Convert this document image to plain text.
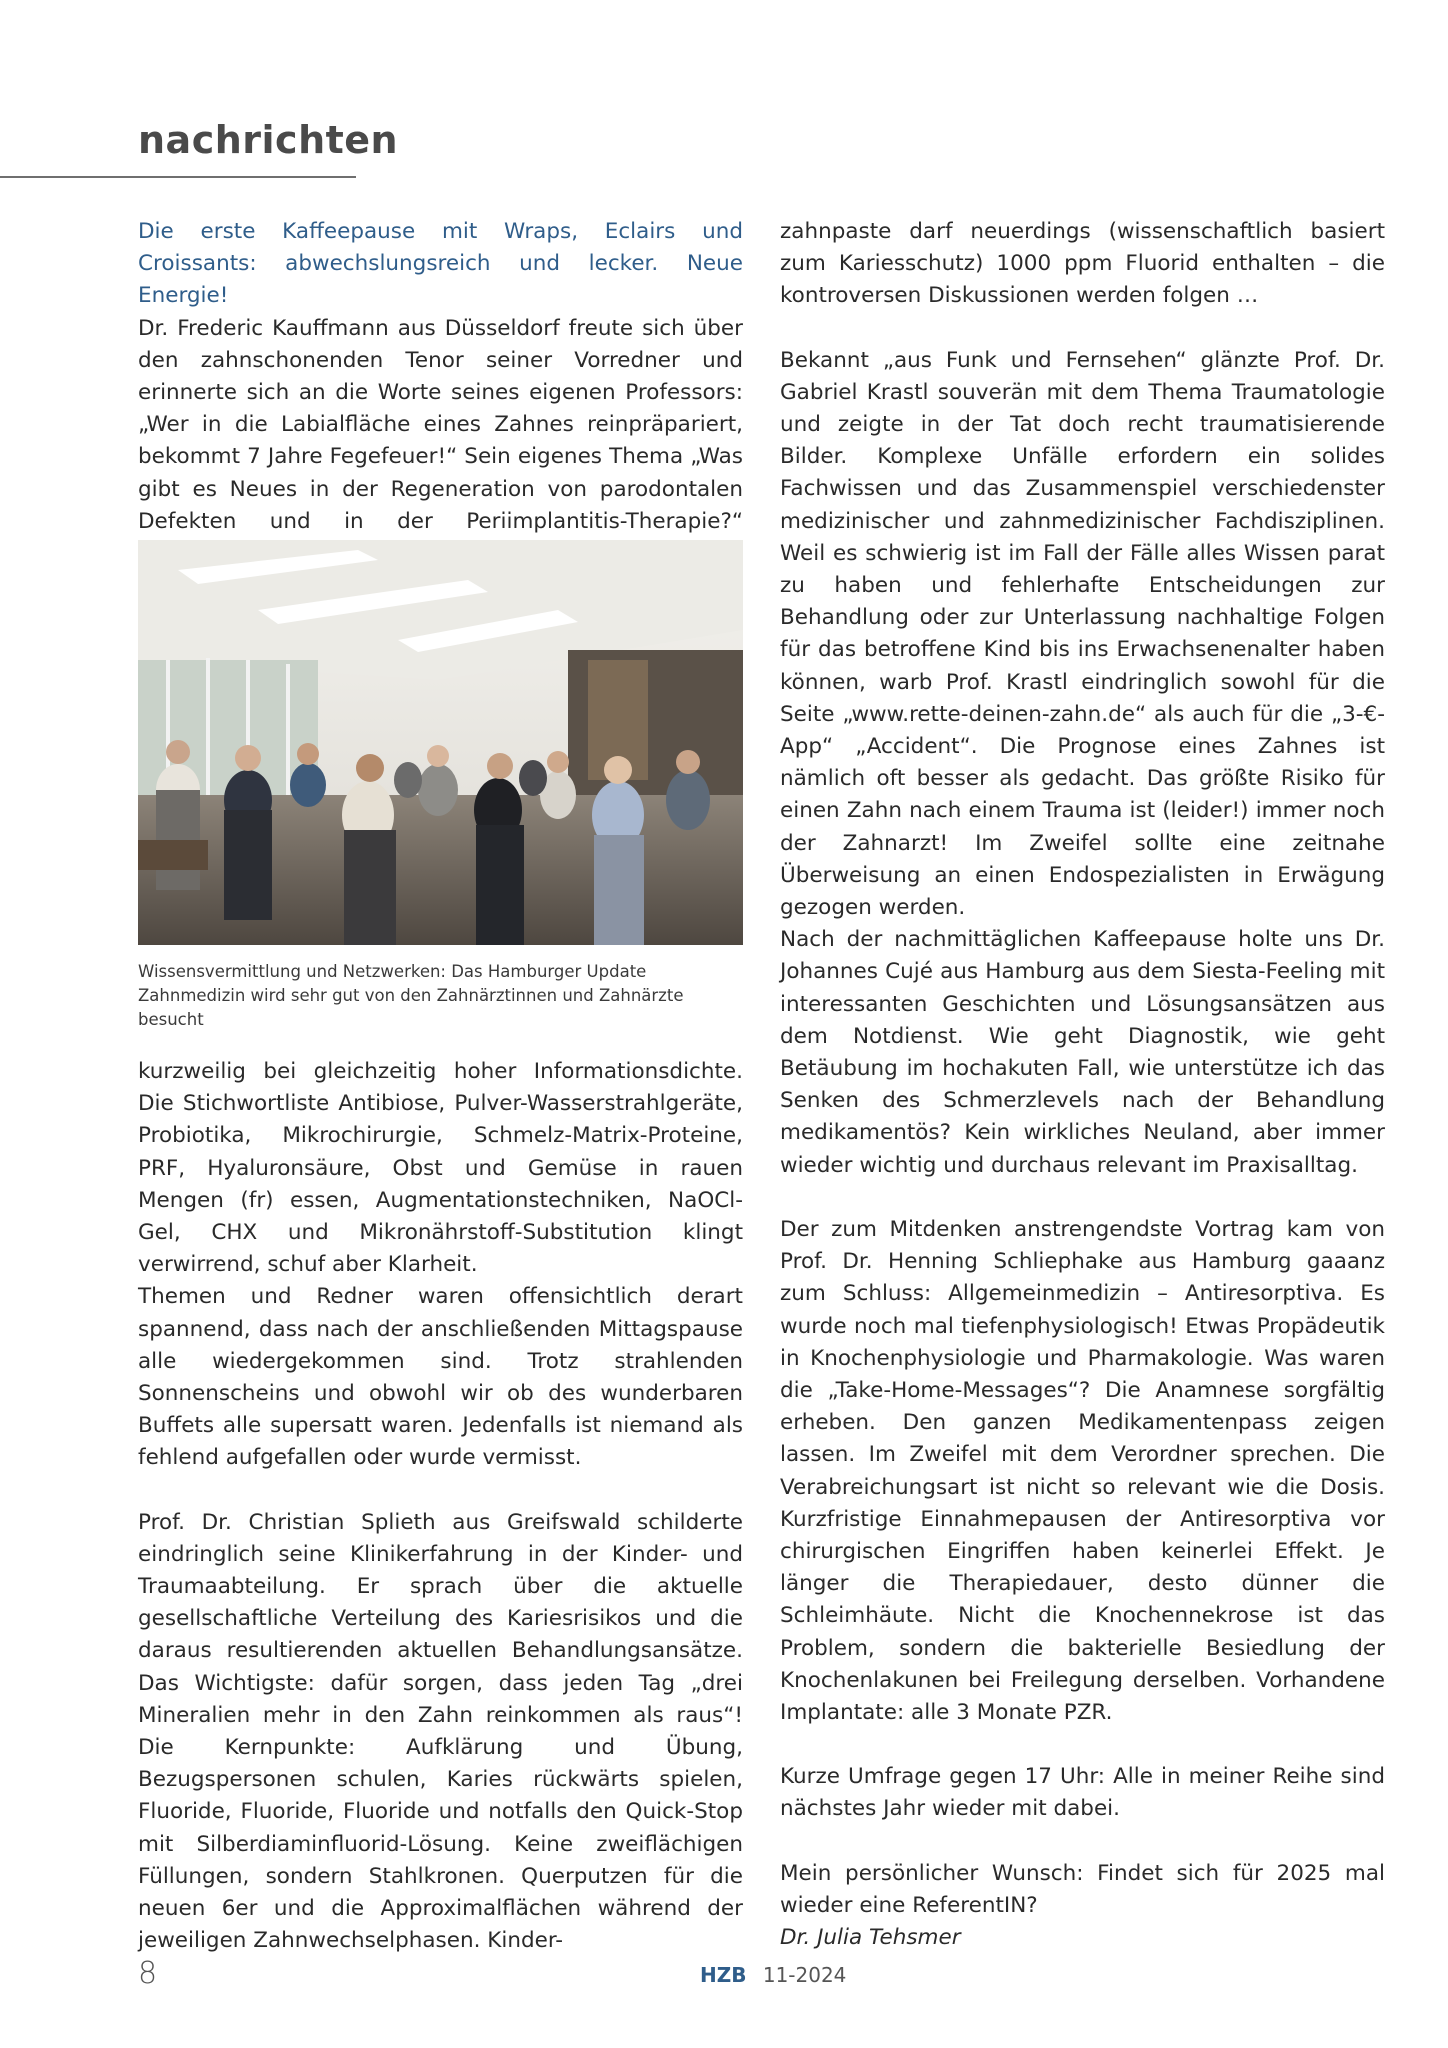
nachrichten

Die erste Kaffeepause mit Wraps, Eclairs und Croissants: abwechslungsreich und lecker. Neue Energie!

Dr. Frederic Kauffmann aus Düsseldorf freute sich über den zahnschonenden Tenor seiner Vorredner und erinnerte sich an die Worte seines eigenen Professors: „Wer in die Labialfläche eines Zahnes reinpräpariert, bekommt 7 Jahre Fegefeuer!“ Sein eigenes Thema „Was gibt es Neues in der Regeneration von parodontalen Defekten und in der Periimplantitis-Therapie?“

Wissensvermittlung und Netzwerken: Das Hamburger Update Zahnmedizin wird sehr gut von den Zahnärztinnen und Zahnärzte besucht

kurzweilig bei gleichzeitig hoher Informationsdichte. Die Stichwortliste Antibiose, Pulver-Wasserstrahlgeräte, Probiotika, Mikrochirurgie, Schmelz-Matrix-Proteine, PRF, Hyaluronsäure, Obst und Gemüse in rauen Mengen (fr) essen, Augmentationstechniken, NaOCl-Gel, CHX und Mikronährstoff-Substitution klingt verwirrend, schuf aber Klarheit.

Themen und Redner waren offensichtlich derart spannend, dass nach der anschließenden Mittagspause alle wiedergekommen sind. Trotz strahlenden Sonnenscheins und obwohl wir ob des wunderbaren Buffets alle supersatt waren. Jedenfalls ist niemand als fehlend aufgefallen oder wurde vermisst.

Prof. Dr. Christian Splieth aus Greifswald schilderte eindringlich seine Klinikerfahrung in der Kinder- und Traumaabteilung. Er sprach über die aktuelle gesellschaftliche Verteilung des Kariesrisikos und die daraus resultierenden aktuellen Behandlungsansätze. Das Wichtigste: dafür sorgen, dass jeden Tag „drei Mineralien mehr in den Zahn reinkommen als raus“! Die Kernpunkte: Aufklärung und Übung, Bezugspersonen schulen, Karies rückwärts spielen, Fluoride, Fluoride, Fluoride und notfalls den Quick-Stop mit Silberdiaminfluorid-Lösung. Keine zweiflächigen Füllungen, sondern Stahlkronen. Querputzen für die neuen 6er und die Approximalflächen während der jeweiligen Zahnwechselphasen. Kinder-

zahnpaste darf neuerdings (wissenschaftlich basiert zum Kariesschutz) 1000 ppm Fluorid enthalten – die kontroversen Diskussionen werden folgen …

Bekannt „aus Funk und Fernsehen“ glänzte Prof. Dr. Gabriel Krastl souverän mit dem Thema Traumatologie und zeigte in der Tat doch recht traumatisierende Bilder. Komplexe Unfälle erfordern ein solides Fachwissen und das Zusammenspiel verschiedenster medizinischer und zahnmedizinischer Fachdisziplinen. Weil es schwierig ist im Fall der Fälle alles Wissen parat zu haben und fehlerhafte Entscheidungen zur Behandlung oder zur Unterlassung nachhaltige Folgen für das betroffene Kind bis ins Erwachsenenalter haben können, warb Prof. Krastl eindringlich sowohl für die Seite „www.rette-deinen-zahn.de“ als auch für die „3-€-App“ „Accident“. Die Prognose eines Zahnes ist nämlich oft besser als gedacht. Das größte Risiko für einen Zahn nach einem Trauma ist (leider!) immer noch der Zahnarzt! Im Zweifel sollte eine zeitnahe Überweisung an einen Endospezialisten in Erwägung gezogen werden.

Nach der nachmittäglichen Kaffeepause holte uns Dr. Johannes Cujé aus Hamburg aus dem Siesta-Feeling mit interessanten Geschichten und Lösungsansätzen aus dem Notdienst. Wie geht Diagnostik, wie geht Betäubung im hochakuten Fall, wie unterstütze ich das Senken des Schmerzlevels nach der Behandlung medikamentös? Kein wirkliches Neuland, aber immer wieder wichtig und durchaus relevant im Praxisalltag.

Der zum Mitdenken anstrengendste Vortrag kam von Prof. Dr. Henning Schliephake aus Hamburg gaaanz zum Schluss: Allgemeinmedizin – Antiresorptiva. Es wurde noch mal tiefenphysiologisch! Etwas Propädeutik in Knochenphysiologie und Pharmakologie. Was waren die „Take-Home-Messages“? Die Anamnese sorgfältig erheben. Den ganzen Medikamentenpass zeigen lassen. Im Zweifel mit dem Verordner sprechen. Die Verabreichungsart ist nicht so relevant wie die Dosis. Kurzfristige Einnahmepausen der Antiresorptiva vor chirurgischen Eingriffen haben keinerlei Effekt. Je länger die Therapiedauer, desto dünner die Schleimhäute. Nicht die Knochennekrose ist das Problem, sondern die bakterielle Besiedlung der Knochenlakunen bei Freilegung derselben. Vorhandene Implantate: alle 3 Monate PZR.

Kurze Umfrage gegen 17 Uhr: Alle in meiner Reihe sind nächstes Jahr wieder mit dabei.

Mein persönlicher Wunsch: Findet sich für 2025 mal wieder eine ReferentIN?

Dr. Julia Tehsmer

8	HZB 11-2024
